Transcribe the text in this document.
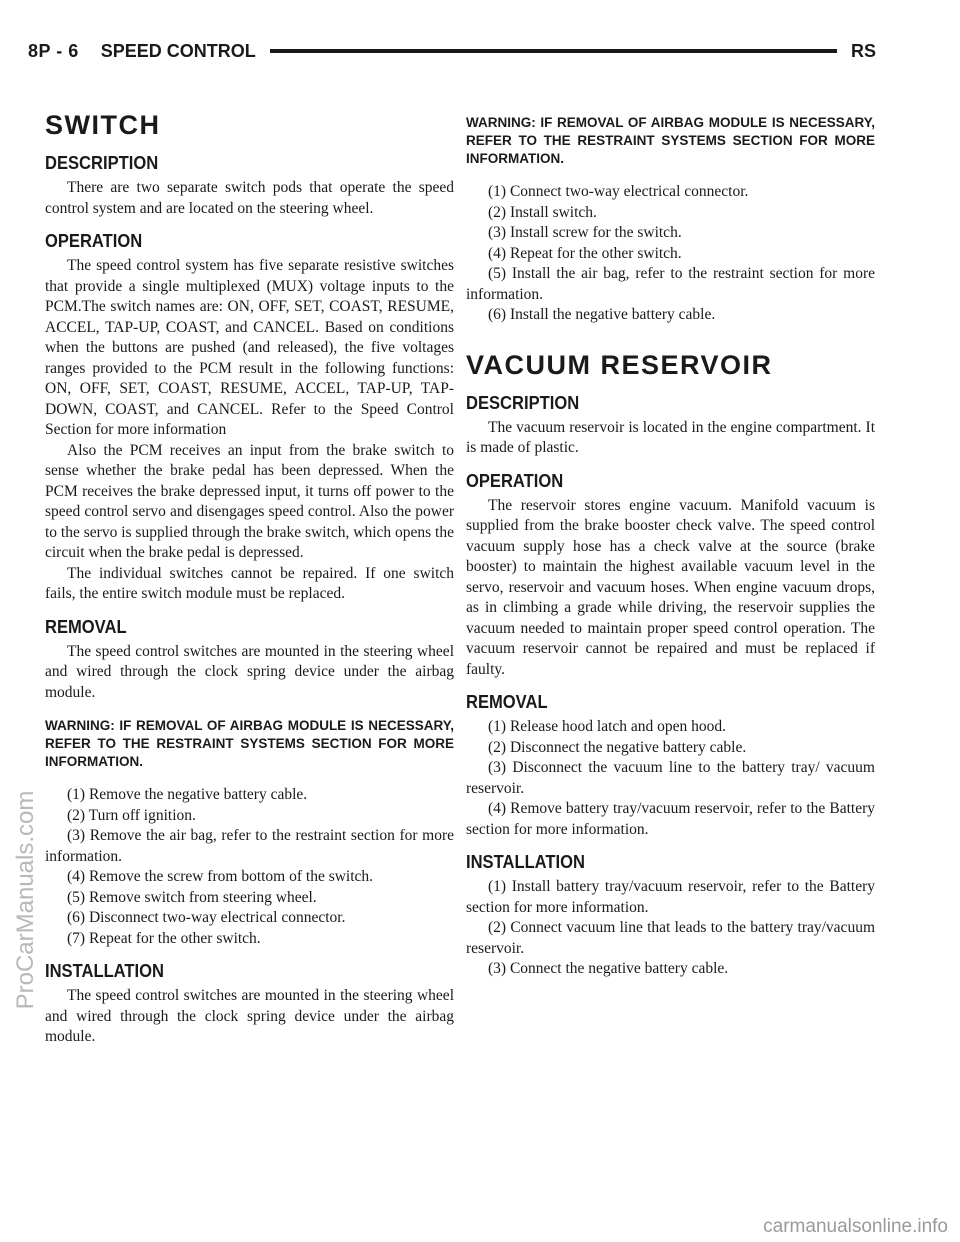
8P - 6 SPEED CONTROL	RS
SWITCH
DESCRIPTION

There are two separate switch pods that operate the speed control system and are located on the steering wheel.

OPERATION

The speed control system has five separate resistive switches that provide a single multiplexed (MUX) voltage inputs to the PCM.The switch names are: ON, OFF, SET, COAST, RESUME, ACCEL, TAP-UP, COAST, and CANCEL. Based on conditions when the buttons are pushed (and released), the five voltages ranges provided to the PCM result in the following functions: ON, OFF, SET, COAST, RESUME, ACCEL, TAP-UP, TAP-DOWN, COAST, and CANCEL. Refer to the Speed Control Section for more information

Also the PCM receives an input from the brake switch to sense whether the brake pedal has been depressed. When the PCM receives the brake depressed input, it turns off power to the speed control servo and disengages speed control. Also the power to the servo is supplied through the brake switch, which opens the circuit when the brake pedal is depressed.

The individual switches cannot be repaired. If one switch fails, the entire switch module must be replaced.

REMOVAL

The speed control switches are mounted in the steering wheel and wired through the clock spring device under the airbag module.

WARNING: IF REMOVAL OF AIRBAG MODULE IS NECESSARY, REFER TO THE RESTRAINT SYSTEMS SECTION FOR MORE INFORMATION.

(1) Remove the negative battery cable.
(2) Turn off ignition.
(3) Remove the air bag, refer to the restraint section for more information.
(4) Remove the screw from bottom of the switch.
(5) Remove switch from steering wheel.
(6) Disconnect two-way electrical connector.
(7) Repeat for the other switch.
INSTALLATION

The speed control switches are mounted in the steering wheel and wired through the clock spring device under the airbag module.

WARNING: IF REMOVAL OF AIRBAG MODULE IS NECESSARY, REFER TO THE RESTRAINT SYSTEMS SECTION FOR MORE INFORMATION.

(1) Connect two-way electrical connector.
(2) Install switch.
(3) Install screw for the switch.
(4) Repeat for the other switch.
(5) Install the air bag, refer to the restraint section for more information.
(6) Install the negative battery cable.
VACUUM RESERVOIR
DESCRIPTION

The vacuum reservoir is located in the engine compartment. It is made of plastic.

OPERATION

The reservoir stores engine vacuum. Manifold vacuum is supplied from the brake booster check valve. The speed control vacuum supply hose has a check valve at the source (brake booster) to maintain the highest available vacuum level in the servo, reservoir and vacuum hoses. When engine vacuum drops, as in climbing a grade while driving, the reservoir supplies the vacuum needed to maintain proper speed control operation. The vacuum reservoir cannot be repaired and must be replaced if faulty.

REMOVAL
(1) Release hood latch and open hood.
(2) Disconnect the negative battery cable.
(3) Disconnect the vacuum line to the battery tray/ vacuum reservoir.
(4) Remove battery tray/vacuum reservoir, refer to the Battery section for more information.
INSTALLATION
(1) Install battery tray/vacuum reservoir, refer to the Battery section for more information.
(2) Connect vacuum line that leads to the battery tray/vacuum reservoir.
(3) Connect the negative battery cable.
ProCarManuals.com
carmanualsonline.info
